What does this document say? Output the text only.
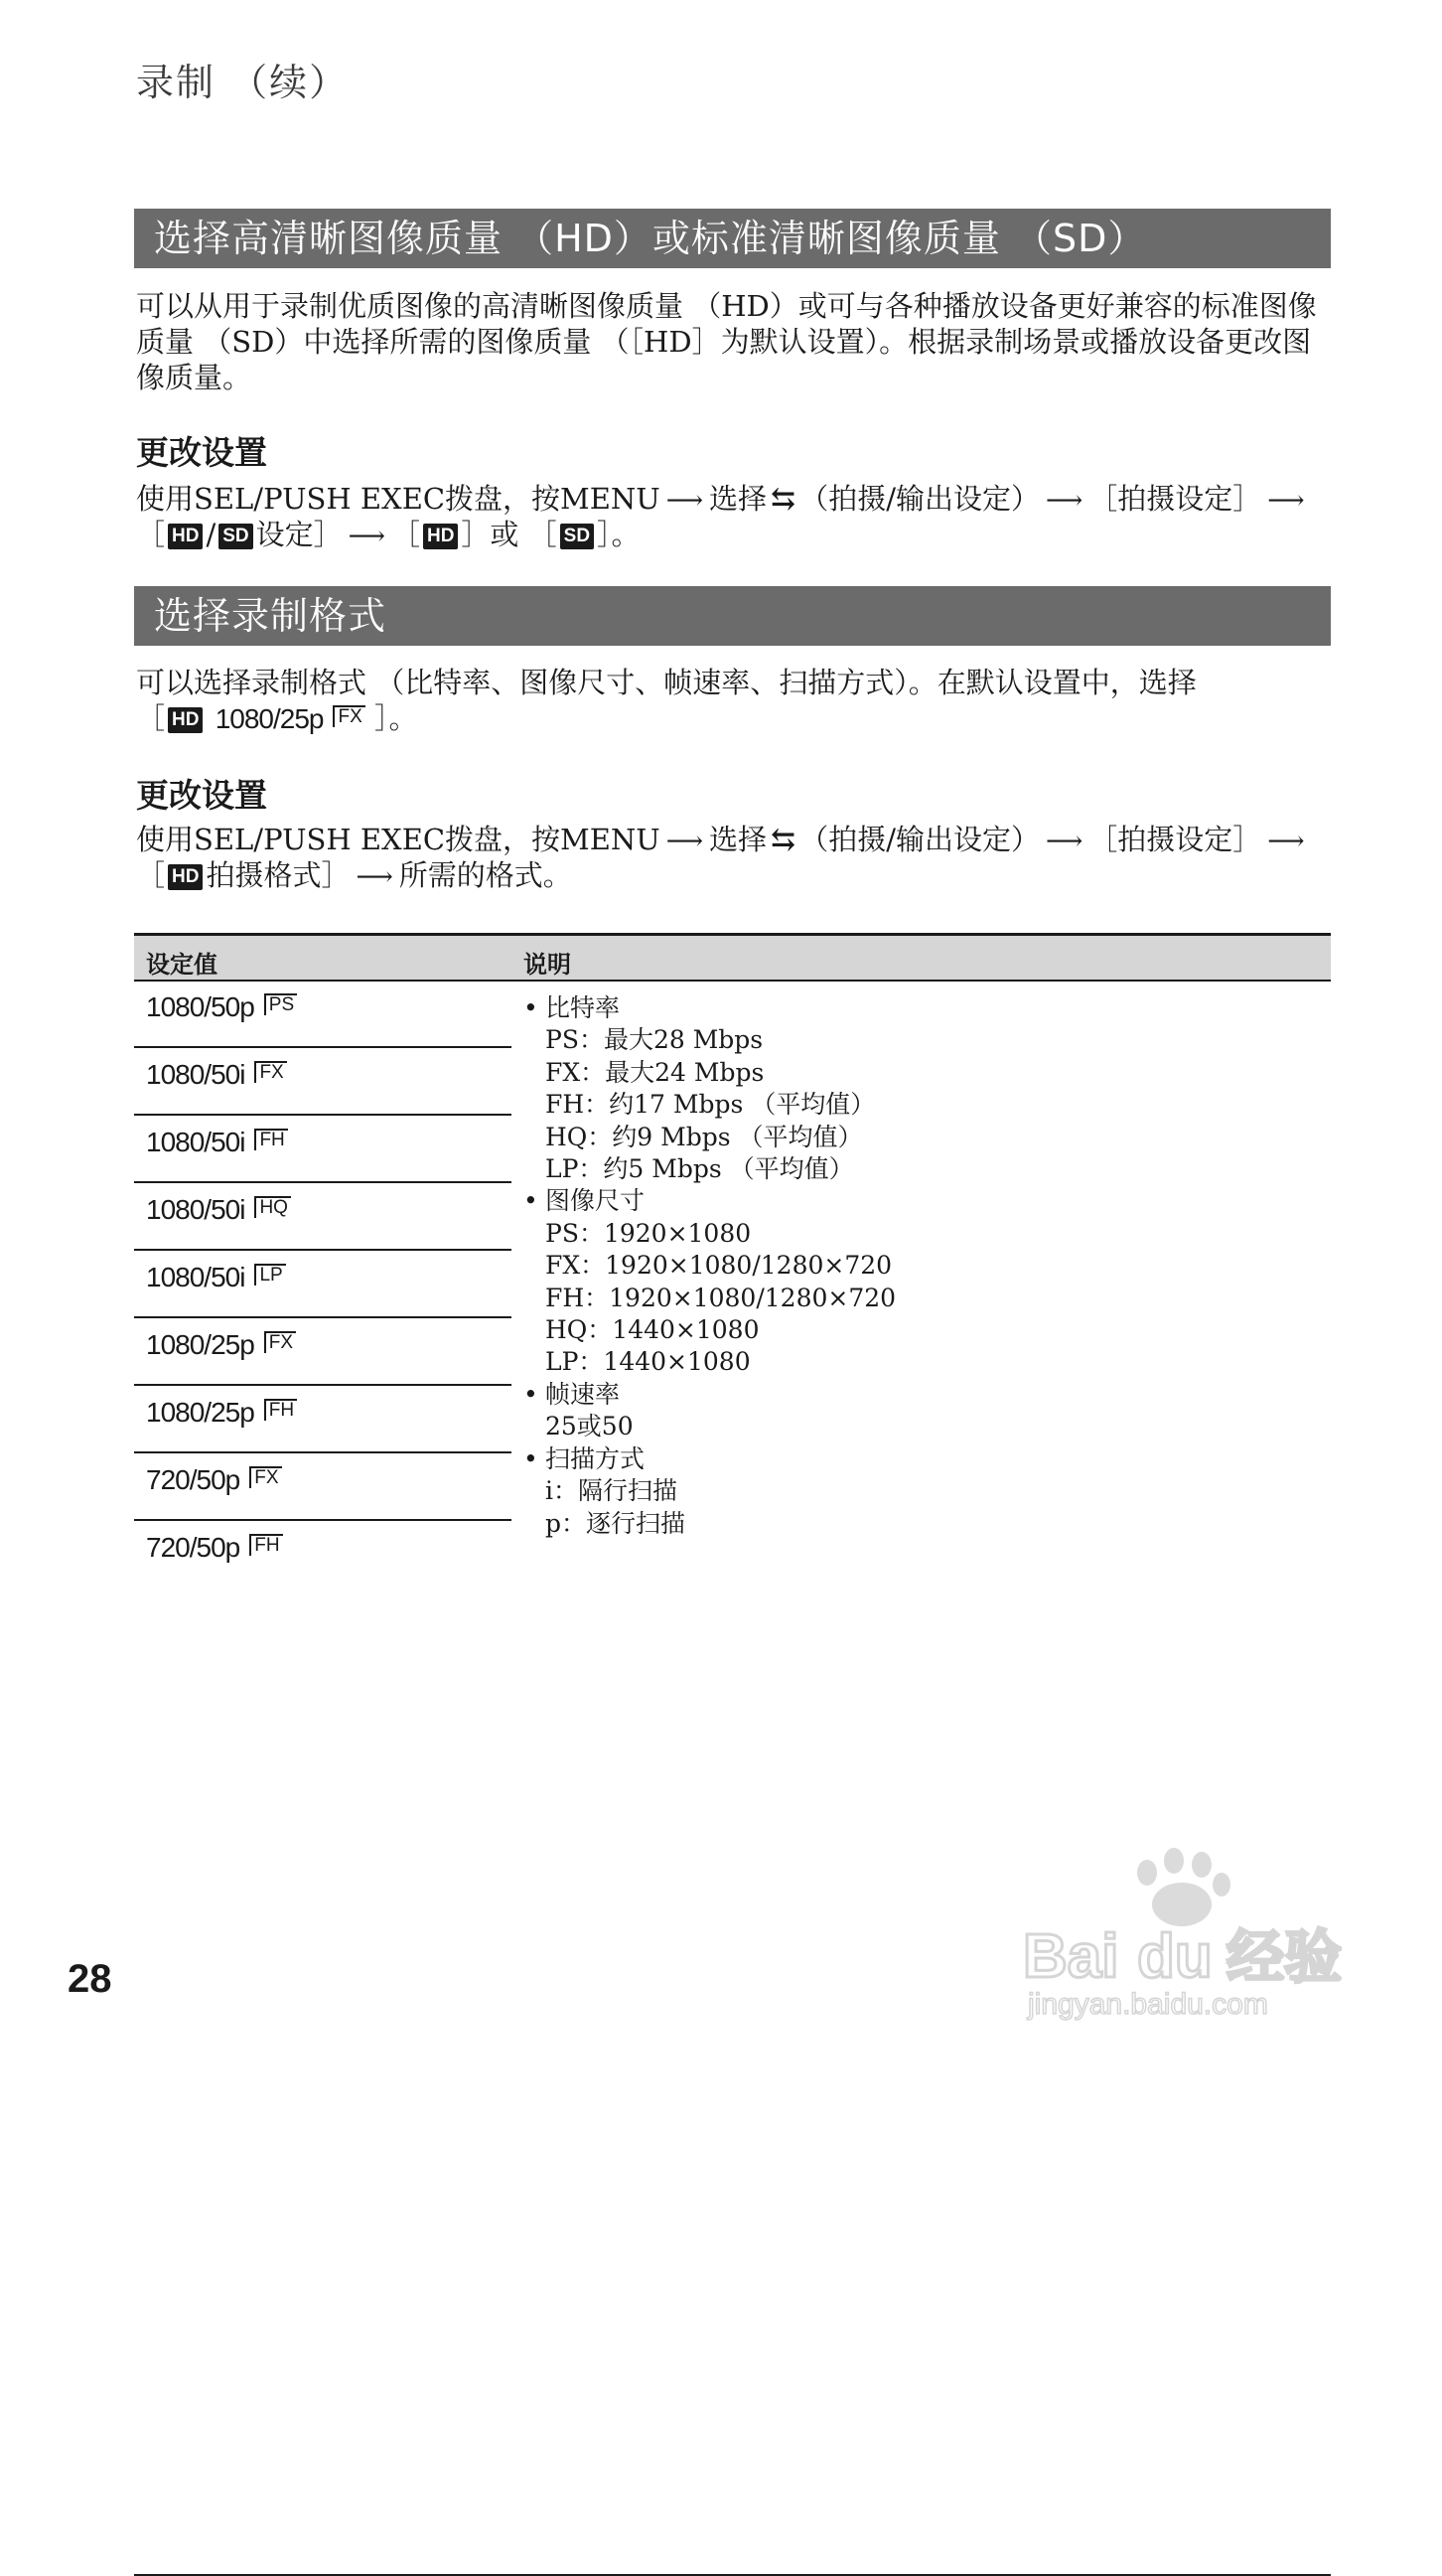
录制 （续）
选择高清晰图像质量 （HD）或标准清晰图像质量 （SD）
可以从用于录制优质图像的高清晰图像质量 （HD）或可与各种播放设备更好兼容的标准图像质量 （SD）中选择所需的图像质量 （［HD］为默认设置）。根据录制场景或播放设备更改图像质量。
更改设置
使用SEL/PUSH EXEC拨盘，按MENU ⟶ 选择 ⇆ （拍摄/输出设定） ⟶ ［拍摄设定］ ⟶
［ HD / SD 设定］ ⟶ ［ HD ］或 ［ SD ］。
选择录制格式
可以选择录制格式 （比特率、图像尺寸、帧速率、扫描方式）。在默认设置中，选择
［ HD 1080/25p FX ］。
更改设置
使用SEL/PUSH EXEC拨盘，按MENU ⟶ 选择 ⇆ （拍摄/输出设定） ⟶ ［拍摄设定］ ⟶
［ HD 拍摄格式］ ⟶ 所需的格式。
设定值	说明
1080/50p PS
1080/50i FX
1080/50i FH
1080/50i HQ
1080/50i LP
1080/25p FX
1080/25p FH
720/50p FX
720/50p FH
• 比特率
PS：最大28 Mbps
FX：最大24 Mbps
FH：约17 Mbps （平均值）
HQ：约9 Mbps （平均值）
LP：约5 Mbps （平均值）
• 图像尺寸
PS：1920×1080
FX：1920×1080/1280×720
FH：1920×1080/1280×720
HQ：1440×1080
LP：1440×1080
• 帧速率
25或50
• 扫描方式
i：隔行扫描
p：逐行扫描
28	Bai du 经验
jingyan.baidu.com
